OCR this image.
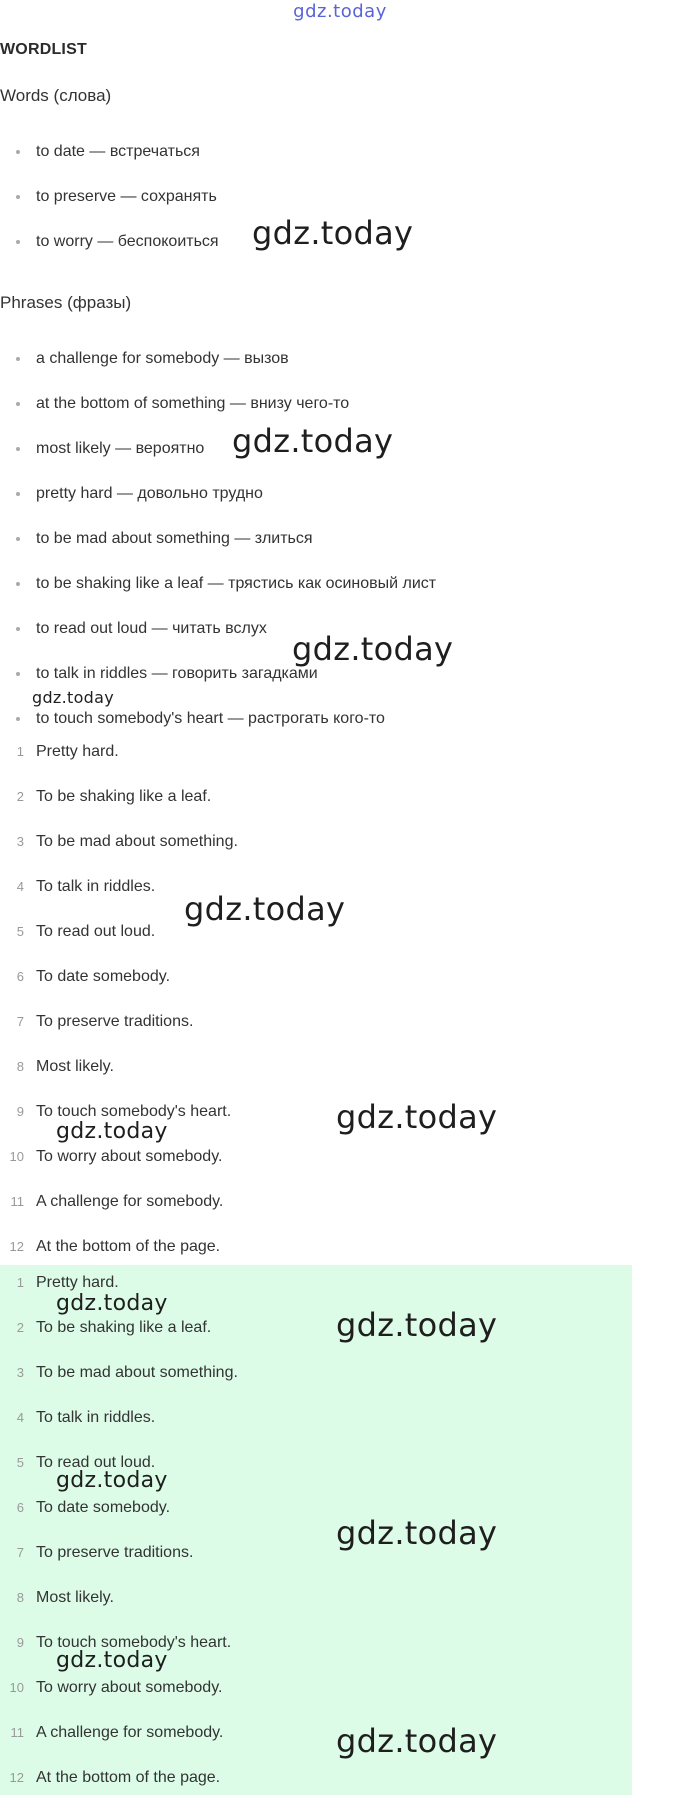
gdz.today
WORDLIST
Words (слова)
to date — встречаться
to preserve — сохранять
to worry — беспокоиться
Phrases (фразы)
a challenge for somebody — вызов
at the bottom of something — внизу чего-то
most likely — вероятно
pretty hard — довольно трудно
to be mad about something — злиться
to be shaking like a leaf — трястись как осиновый лист
to read out loud — читать вслух
to talk in riddles — говорить загадками
to touch somebody's heart — растрогать кого-то
1 Pretty hard.
2 To be shaking like a leaf.
3 To be mad about something.
4 To talk in riddles.
5 To read out loud.
6 To date somebody.
7 To preserve traditions.
8 Most likely.
9 To touch somebody's heart.
10 To worry about somebody.
11 A challenge for somebody.
12 At the bottom of the page.
1 Pretty hard.
2 To be shaking like a leaf.
3 To be mad about something.
4 To talk in riddles.
5 To read out loud.
6 To date somebody.
7 To preserve traditions.
8 Most likely.
9 To touch somebody's heart.
10 To worry about somebody.
11 A challenge for somebody.
12 At the bottom of the page.
gdz.today
gdz.today
gdz.today
gdz.today
gdz.today
gdz.today
gdz.today
gdz.today
gdz.today
gdz.today
gdz.today
gdz.today
gdz.today
